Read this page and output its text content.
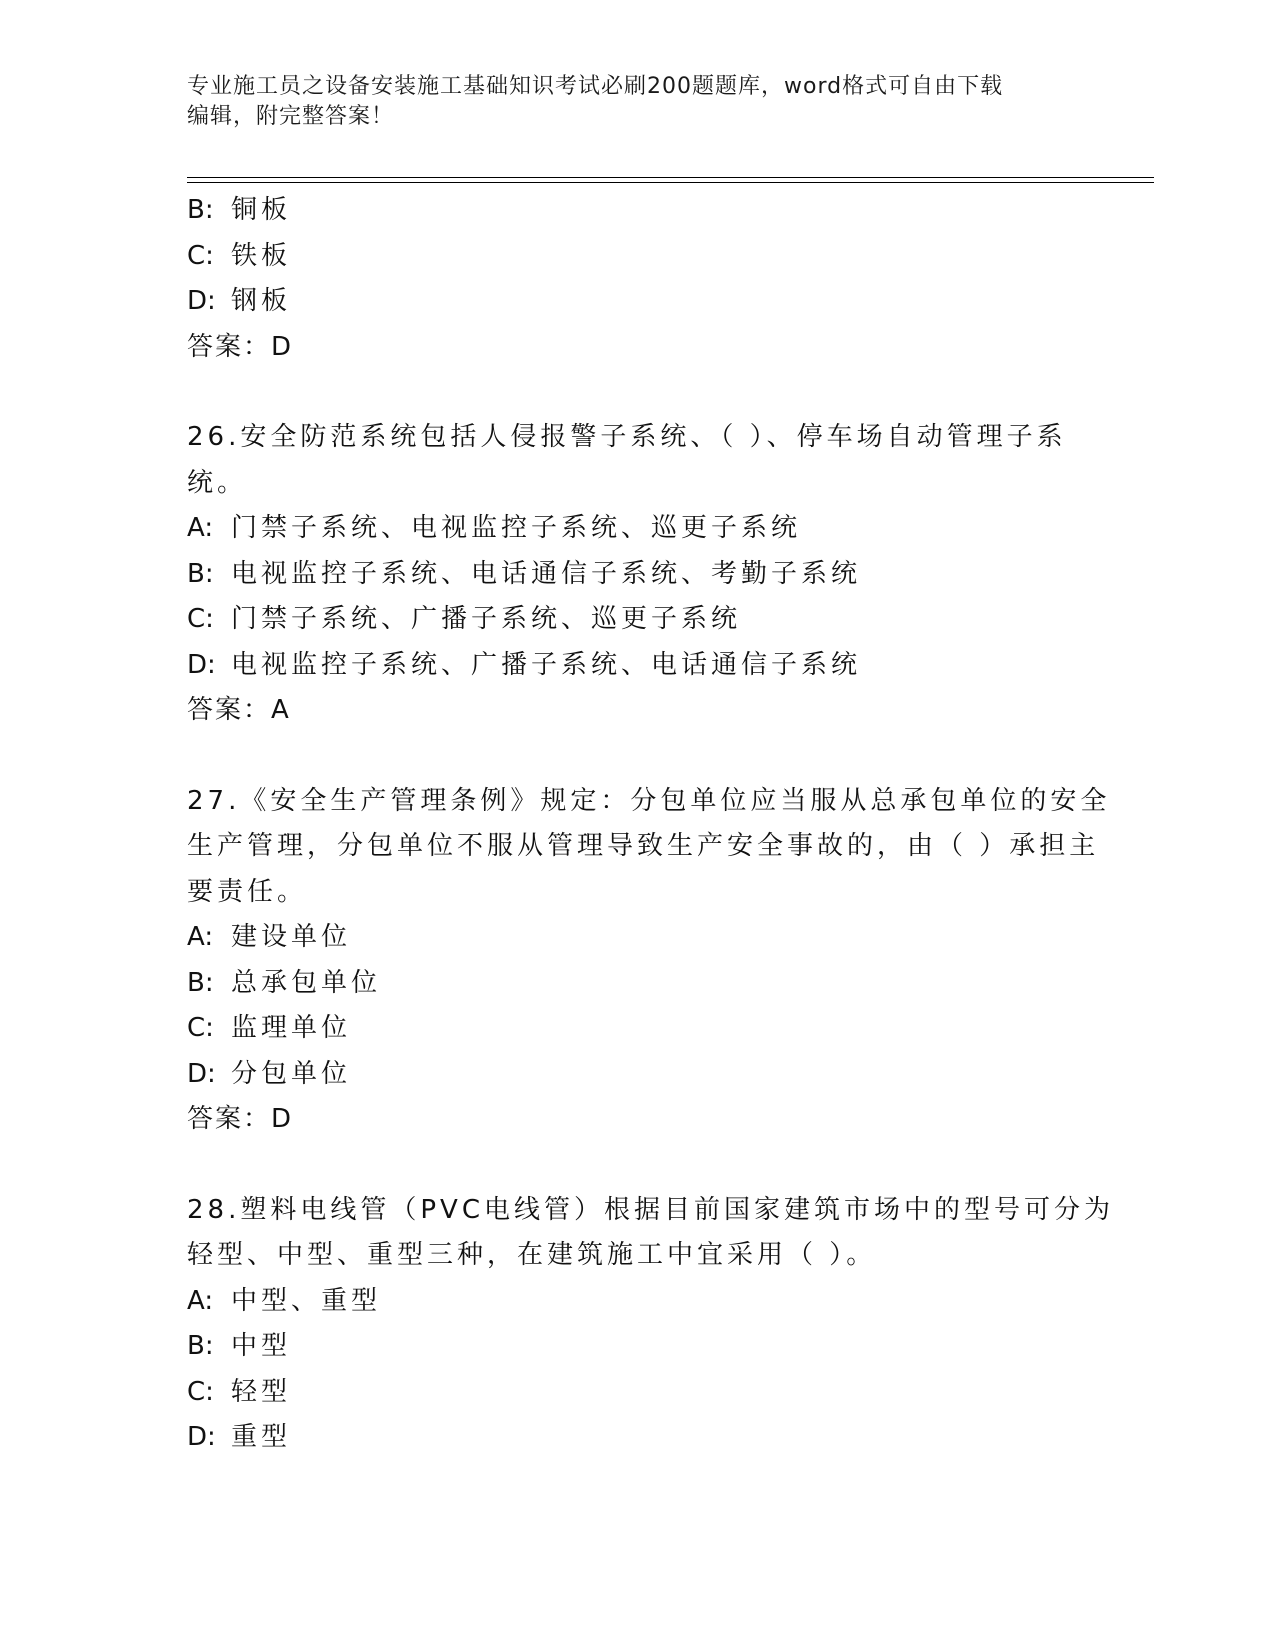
专业施工员之设备安装施工基础知识考试必刷200题题库，word格式可自由下载
编辑，附完整答案！
B: 铜板
C: 铁板
D: 钢板
答案：D
26.安全防范系统包括人侵报警子系统、（ ）、停车场自动管理子系
统。
A: 门禁子系统、电视监控子系统、巡更子系统
B: 电视监控子系统、电话通信子系统、考勤子系统
C: 门禁子系统、广播子系统、巡更子系统
D: 电视监控子系统、广播子系统、电话通信子系统
答案：A
27.《安全生产管理条例》规定：分包单位应当服从总承包单位的安全
生产管理，分包单位不服从管理导致生产安全事故的，由（ ）承担主
要责任。
A: 建设单位
B: 总承包单位
C: 监理单位
D: 分包单位
答案：D
28.塑料电线管（PVC电线管）根据目前国家建筑市场中的型号可分为
轻型、中型、重型三种，在建筑施工中宜采用（ ）。
A: 中型、重型
B: 中型
C: 轻型
D: 重型
